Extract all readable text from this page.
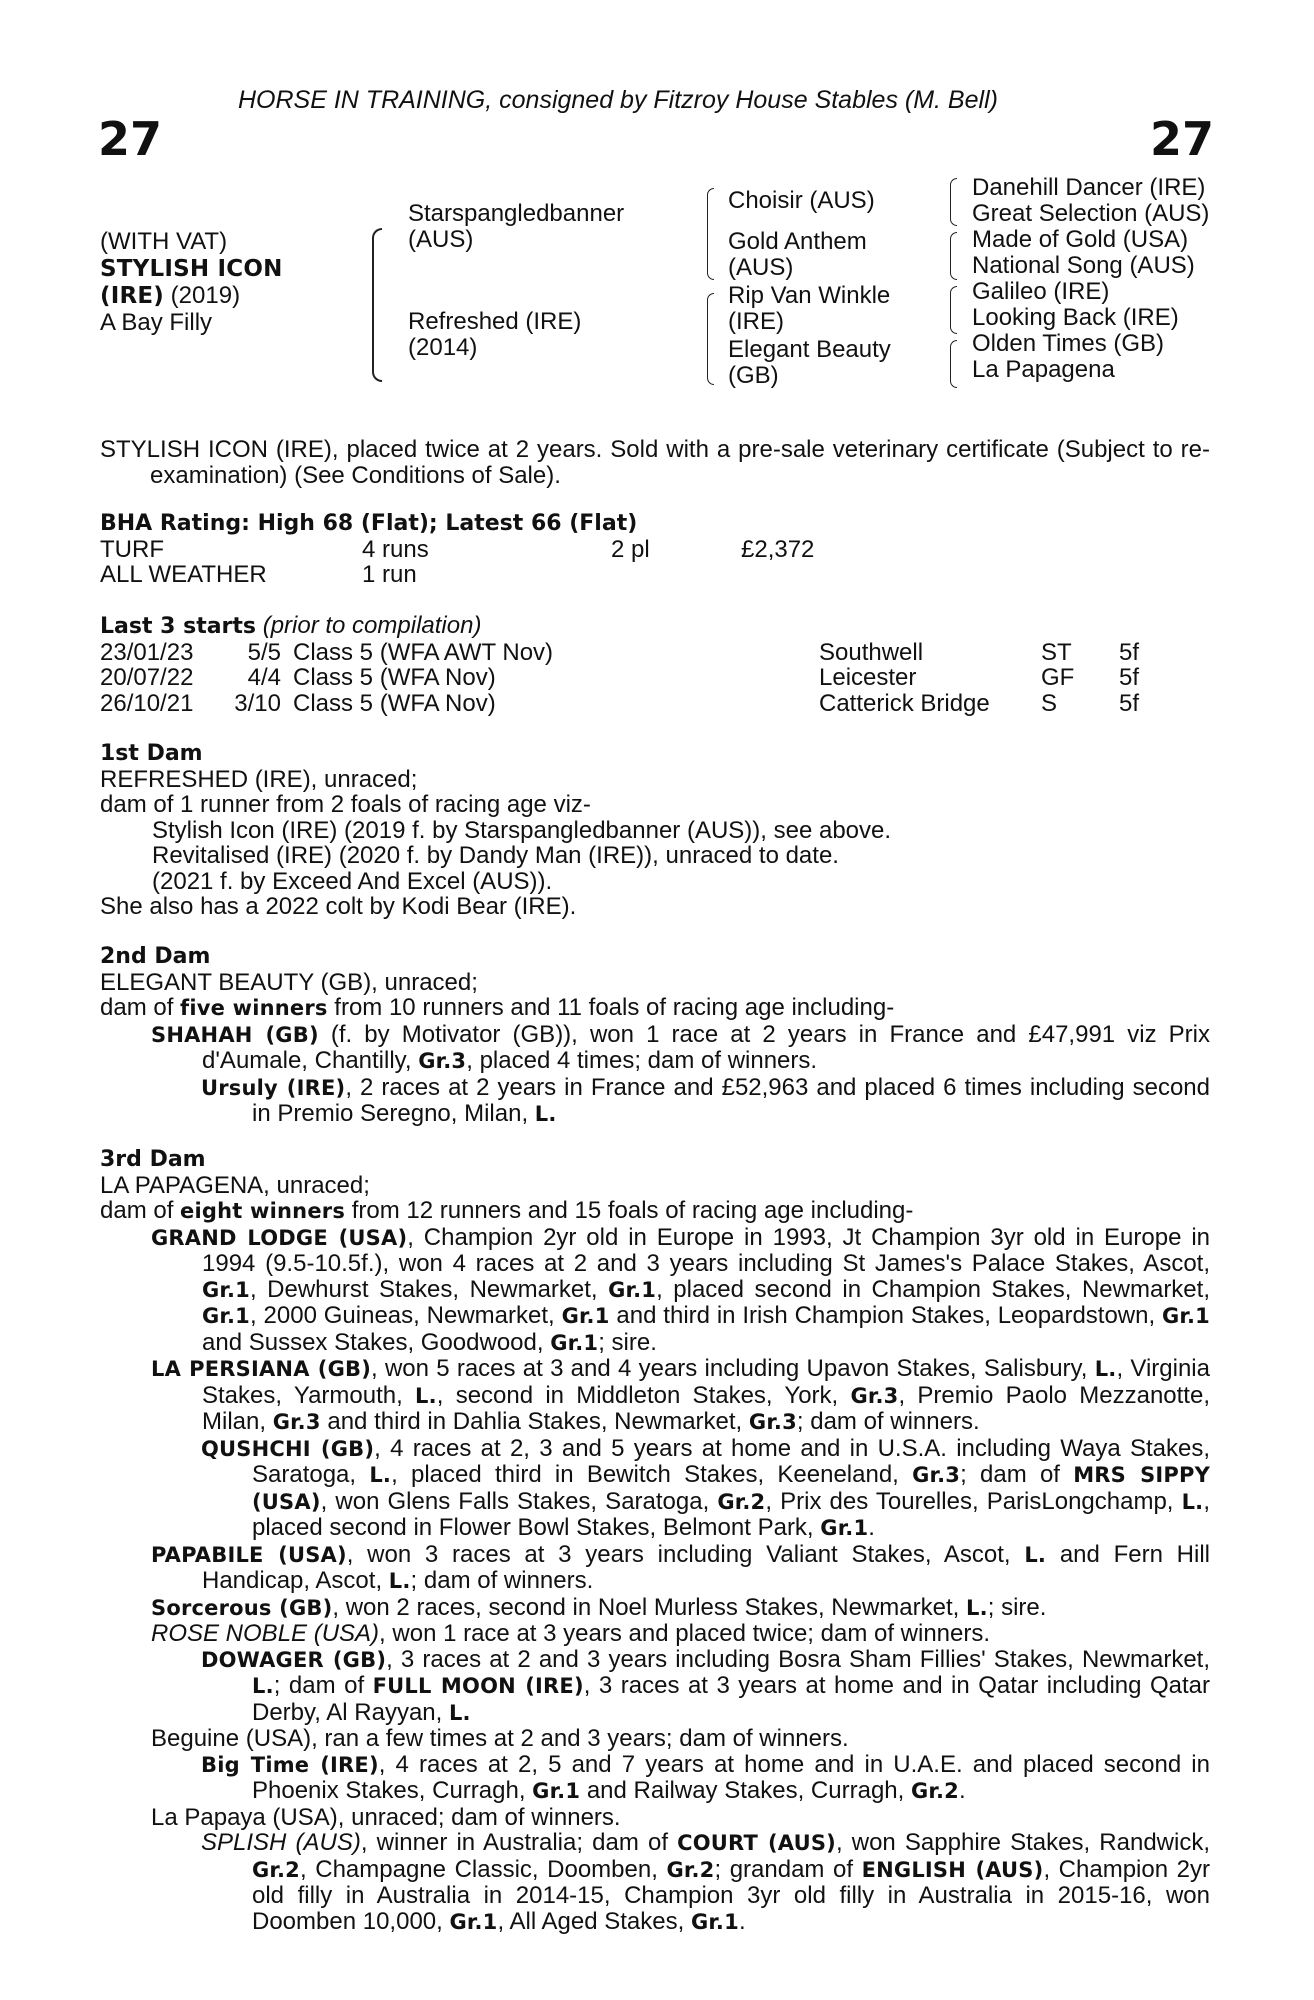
HORSE IN TRAINING, consigned by Fitzroy House Stables (M. Bell)
27	27
(WITH VAT)
STYLISH ICON
(IRE) (2019)
A Bay Filly
Starspangledbanner
(AUS)
Refreshed (IRE)
(2014)
Choisir (AUS)
Gold Anthem
(AUS)
Rip Van Winkle
(IRE)
Elegant Beauty
(GB)
Danehill Dancer (IRE)
Great Selection (AUS)
Made of Gold (USA)
National Song (AUS)
Galileo (IRE)
Looking Back (IRE)
Olden Times (GB)
La Papagena

STYLISH ICON (IRE), placed twice at 2 years. Sold with a pre-sale veterinary certificate (Subject to re-examination) (See Conditions of Sale).

BHA Rating: High 68 (Flat); Latest 66 (Flat)

TURF	4 runs	2 pl	£2,372
ALL WEATHER	1 run		

Last 3 starts (prior to compilation)

23/01/23	5/5	Class 5 (WFA AWT Nov)	Southwell	ST	5f
20/07/22	4/4	Class 5 (WFA Nov)	Leicester	GF	5f
26/10/21	3/10	Class 5 (WFA Nov)	Catterick Bridge	S	5f

1st Dam

REFRESHED (IRE), unraced;

dam of 1 runner from 2 foals of racing age viz-

Stylish Icon (IRE) (2019 f. by Starspangledbanner (AUS)), see above.

Revitalised (IRE) (2020 f. by Dandy Man (IRE)), unraced to date.

(2021 f. by Exceed And Excel (AUS)).

She also has a 2022 colt by Kodi Bear (IRE).

2nd Dam

ELEGANT BEAUTY (GB), unraced;

dam of five winners from 10 runners and 11 foals of racing age including-

SHAHAH (GB) (f. by Motivator (GB)), won 1 race at 2 years in France and £47,991 viz Prix d'Aumale, Chantilly, Gr.3, placed 4 times; dam of winners.

Ursuly (IRE), 2 races at 2 years in France and £52,963 and placed 6 times including second in Premio Seregno, Milan, L.

3rd Dam

LA PAPAGENA, unraced;

dam of eight winners from 12 runners and 15 foals of racing age including-

GRAND LODGE (USA), Champion 2yr old in Europe in 1993, Jt Champion 3yr old in Europe in 1994 (9.5-10.5f.), won 4 races at 2 and 3 years including St James's Palace Stakes, Ascot, Gr.1, Dewhurst Stakes, Newmarket, Gr.1, placed second in Champion Stakes, Newmarket, Gr.1, 2000 Guineas, Newmarket, Gr.1 and third in Irish Champion Stakes, Leopardstown, Gr.1 and Sussex Stakes, Goodwood, Gr.1; sire.

LA PERSIANA (GB), won 5 races at 3 and 4 years including Upavon Stakes, Salisbury, L., Virginia Stakes, Yarmouth, L., second in Middleton Stakes, York, Gr.3, Premio Paolo Mezzanotte, Milan, Gr.3 and third in Dahlia Stakes, Newmarket, Gr.3; dam of winners.

QUSHCHI (GB), 4 races at 2, 3 and 5 years at home and in U.S.A. including Waya Stakes, Saratoga, L., placed third in Bewitch Stakes, Keeneland, Gr.3; dam of MRS SIPPY (USA), won Glens Falls Stakes, Saratoga, Gr.2, Prix des Tourelles, ParisLongchamp, L., placed second in Flower Bowl Stakes, Belmont Park, Gr.1.

PAPABILE (USA), won 3 races at 3 years including Valiant Stakes, Ascot, L. and Fern Hill Handicap, Ascot, L.; dam of winners.

Sorcerous (GB), won 2 races, second in Noel Murless Stakes, Newmarket, L.; sire.

ROSE NOBLE (USA), won 1 race at 3 years and placed twice; dam of winners.

DOWAGER (GB), 3 races at 2 and 3 years including Bosra Sham Fillies' Stakes, Newmarket, L.; dam of FULL MOON (IRE), 3 races at 3 years at home and in Qatar including Qatar Derby, Al Rayyan, L.

Beguine (USA), ran a few times at 2 and 3 years; dam of winners.

Big Time (IRE), 4 races at 2, 5 and 7 years at home and in U.A.E. and placed second in Phoenix Stakes, Curragh, Gr.1 and Railway Stakes, Curragh, Gr.2.

La Papaya (USA), unraced; dam of winners.

SPLISH (AUS), winner in Australia; dam of COURT (AUS), won Sapphire Stakes, Randwick, Gr.2, Champagne Classic, Doomben, Gr.2; grandam of ENGLISH (AUS), Champion 2yr old filly in Australia in 2014-15, Champion 3yr old filly in Australia in 2015-16, won Doomben 10,000, Gr.1, All Aged Stakes, Gr.1.
